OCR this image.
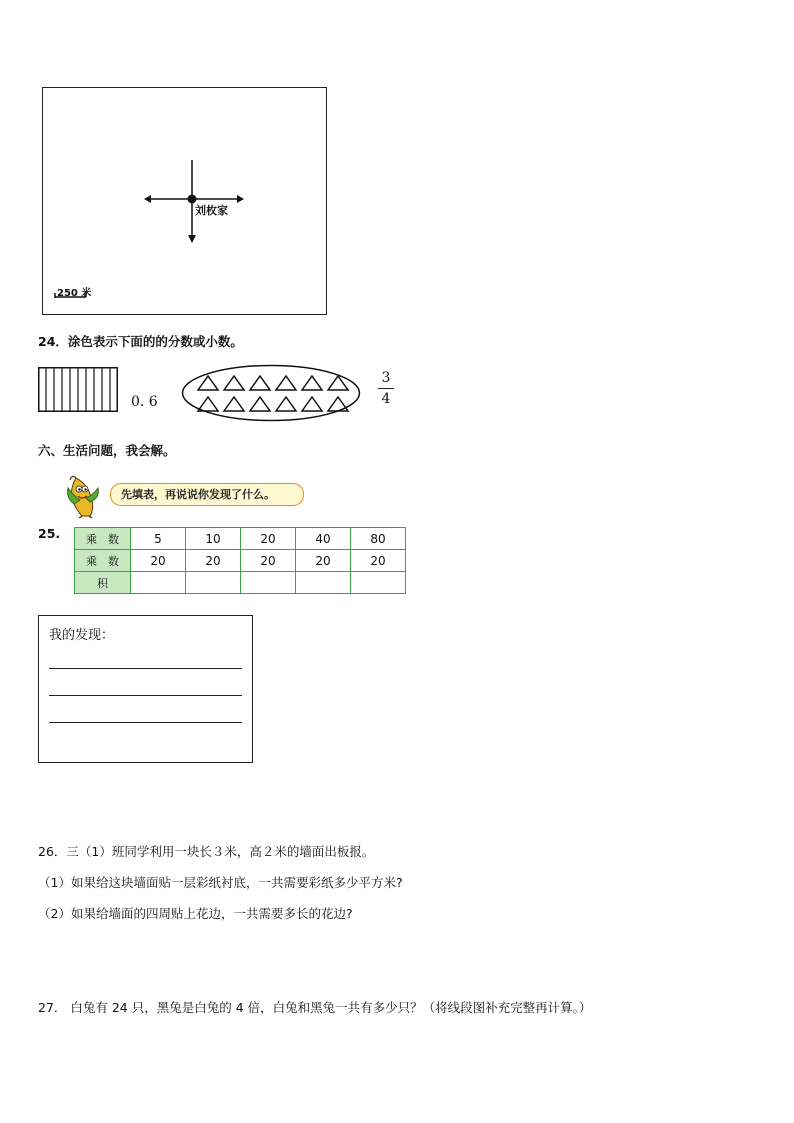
刘枚家
250 米
24．涂色表示下面的的分数或小数。
0. 6
3
4
六、生活问题，我会解。
先填表，再说说你发现了什么。
25. 乘　数	5	10	20	40	80
乘　数	20	20	20	20	20
积					
我的发现：
26．三（1）班同学利用一块长３米，高２米的墙面出板报。
（1）如果给这块墙面贴一层彩纸衬底，一共需要彩纸多少平方米?
（2）如果给墙面的四周贴上花边，一共需要多长的花边?
27.　白兔有 24 只，黑兔是白兔的 4 倍，白兔和黑兔一共有多少只？（将线段图补充完整再计算。）
